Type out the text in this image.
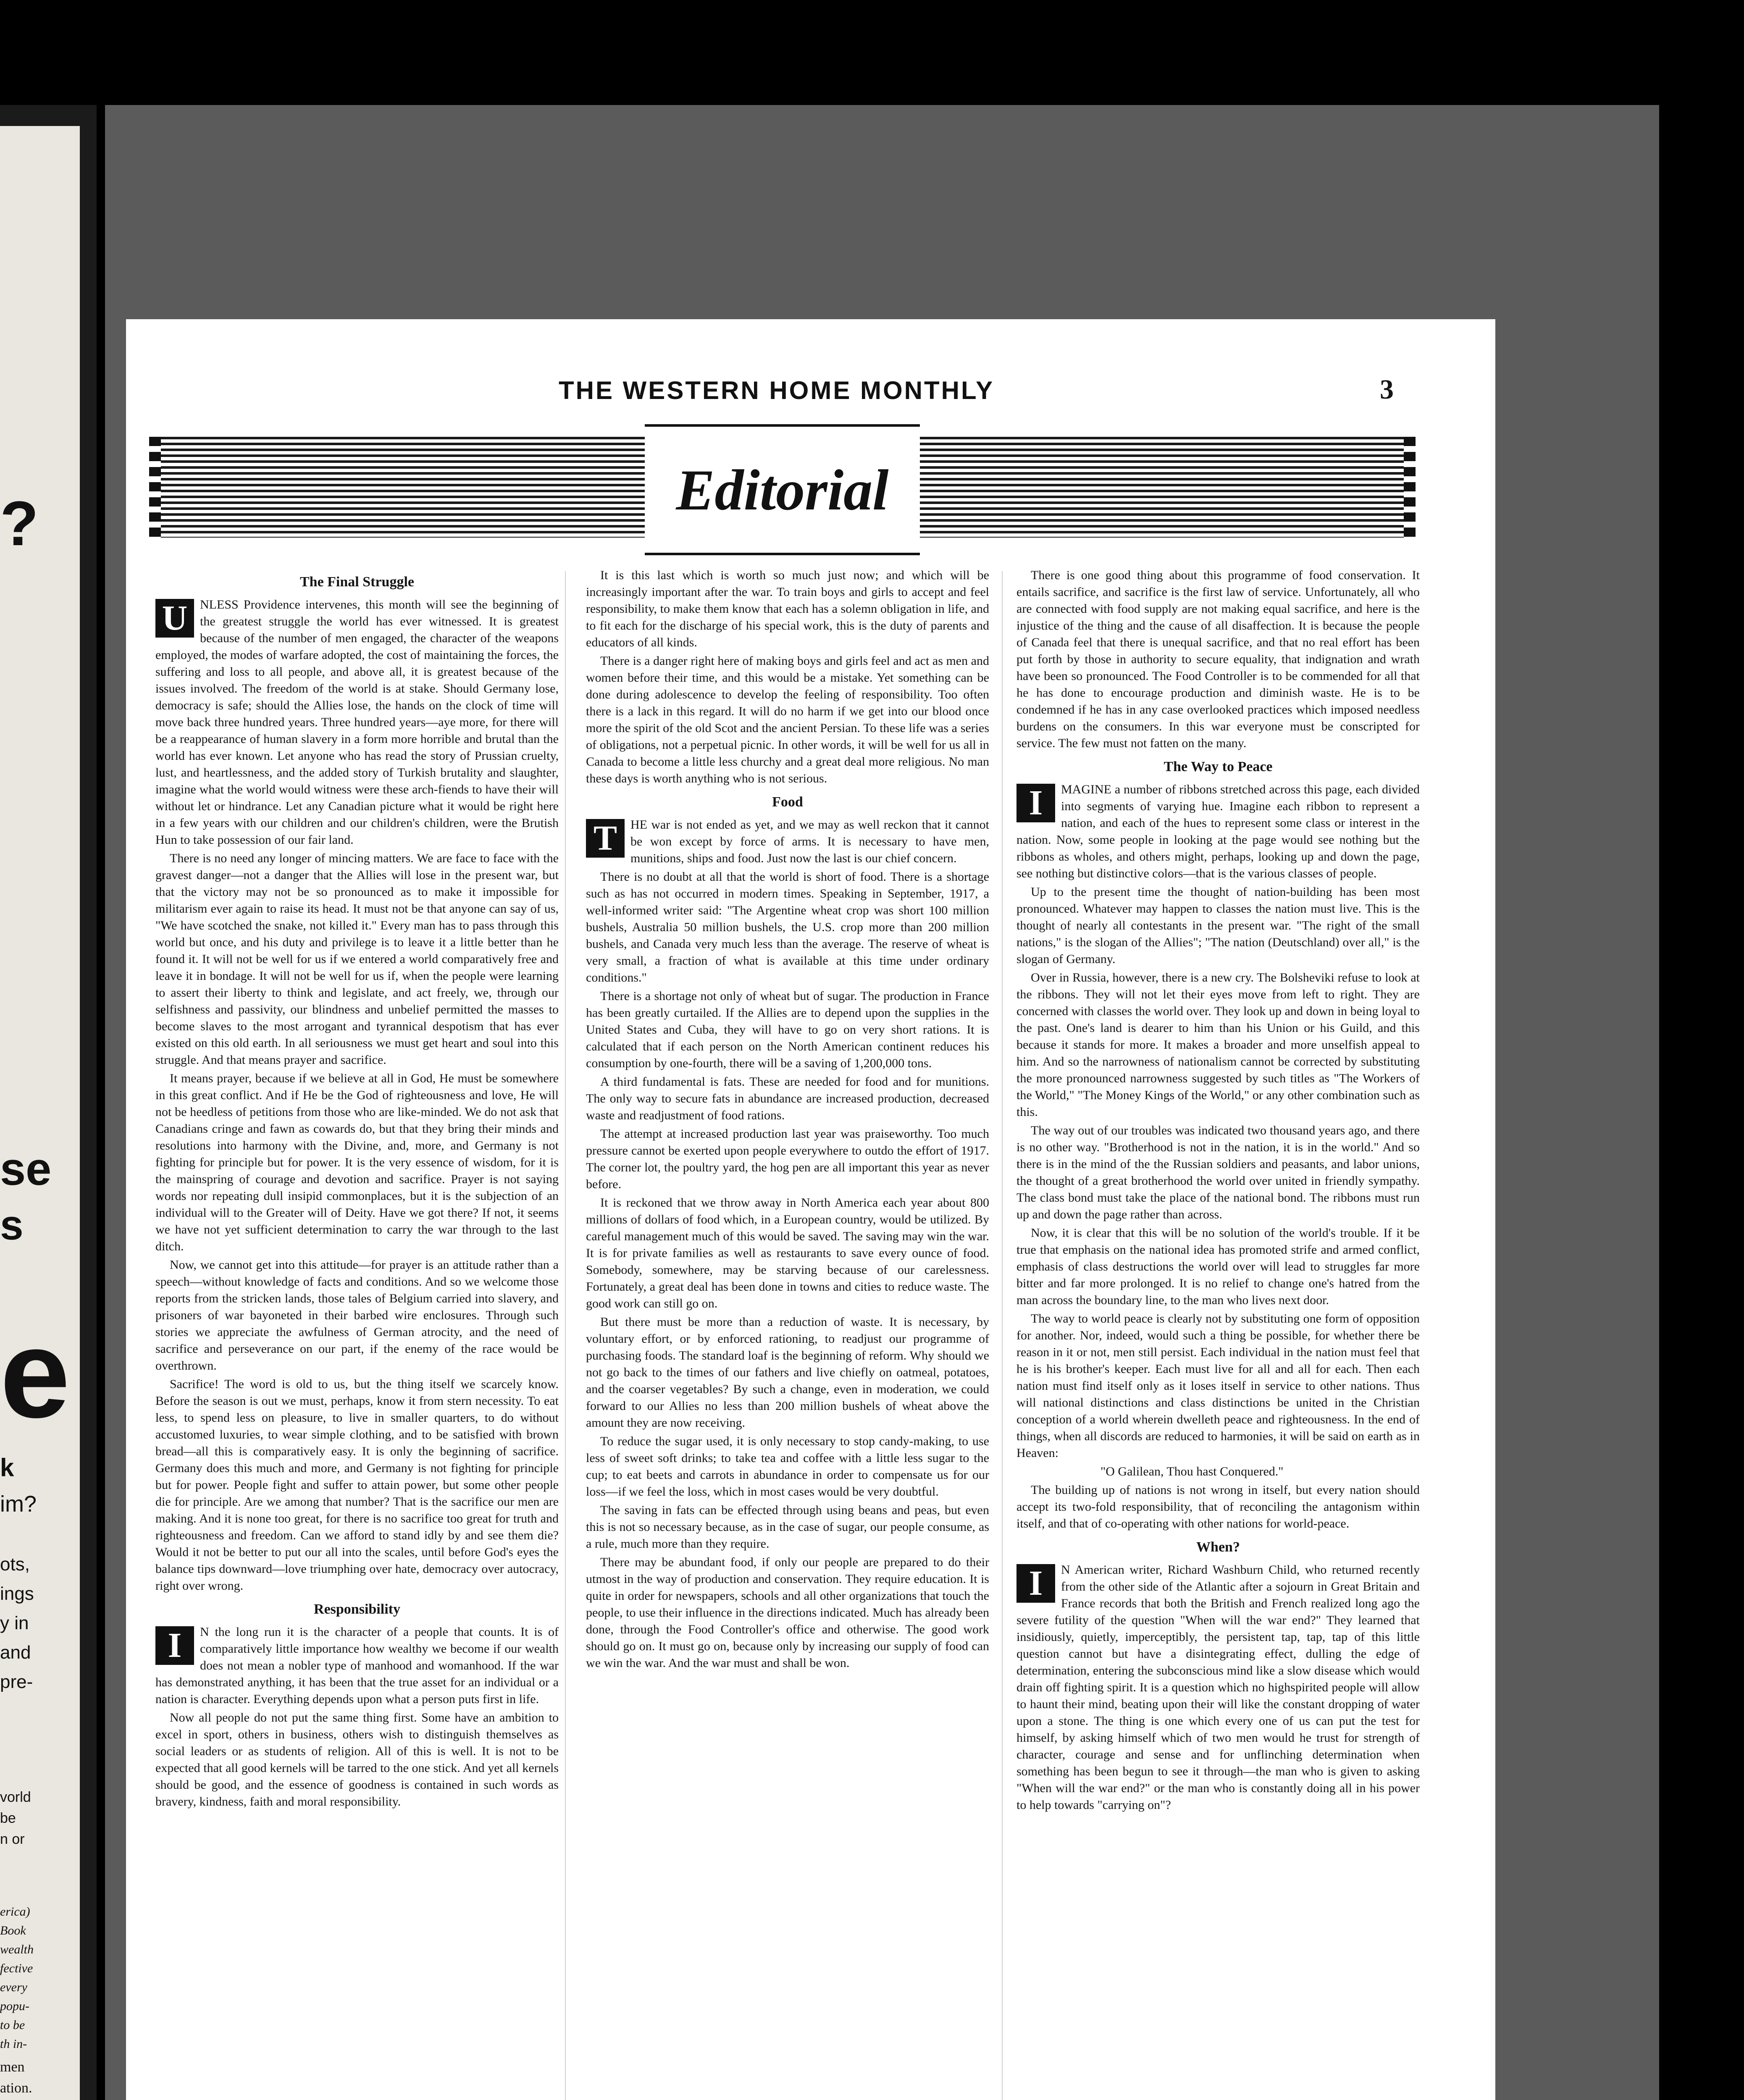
?
se
s
e
k
im?
ots,
ings
y in
and
pre-
vorld
be
n or
erica)
Book
wealth
fective
every
popu-
to be
th in-
men
ation.
THE WESTERN HOME MONTHLY	3
Editorial
The Final Struggle

U NLESS Providence intervenes, this month will see the beginning of the greatest struggle the world has ever witnessed. It is greatest because of the number of men engaged, the character of the weapons employed, the modes of warfare adopted, the cost of maintaining the forces, the suffering and loss to all people, and above all, it is greatest because of the issues involved. The freedom of the world is at stake. Should Germany lose, democracy is safe; should the Allies lose, the hands on the clock of time will move back three hundred years. Three hundred years—aye more, for there will be a reappearance of human slavery in a form more horrible and brutal than the world has ever known. Let anyone who has read the story of Prussian cruelty, lust, and heartlessness, and the added story of Turkish brutality and slaughter, imagine what the world would witness were these arch-fiends to have their will without let or hindrance. Let any Canadian picture what it would be right here in a few years with our children and our children's children, were the Brutish Hun to take possession of our fair land.

There is no need any longer of mincing matters. We are face to face with the gravest danger—not a danger that the Allies will lose in the present war, but that the victory may not be so pronounced as to make it impossible for militarism ever again to raise its head. It must not be that anyone can say of us, "We have scotched the snake, not killed it." Every man has to pass through this world but once, and his duty and privilege is to leave it a little better than he found it. It will not be well for us if we entered a world comparatively free and leave it in bondage. It will not be well for us if, when the people were learning to assert their liberty to think and legislate, and act freely, we, through our selfishness and passivity, our blindness and unbelief permitted the masses to become slaves to the most arrogant and tyrannical despotism that has ever existed on this old earth. In all seriousness we must get heart and soul into this struggle. And that means prayer and sacrifice.

It means prayer, because if we believe at all in God, He must be somewhere in this great conflict. And if He be the God of righteousness and love, He will not be heedless of petitions from those who are like-minded. We do not ask that Canadians cringe and fawn as cowards do, but that they bring their minds and resolutions into harmony with the Divine, and, more, and Germany is not fighting for principle but for power. It is the very essence of wisdom, for it is the mainspring of courage and devotion and sacrifice. Prayer is not saying words nor repeating dull insipid commonplaces, but it is the subjection of an individual will to the Greater will of Deity. Have we got there? If not, it seems we have not yet sufficient determination to carry the war through to the last ditch.

Now, we cannot get into this attitude—for prayer is an attitude rather than a speech—without knowledge of facts and conditions. And so we welcome those reports from the stricken lands, those tales of Belgium carried into slavery, and prisoners of war bayoneted in their barbed wire enclosures. Through such stories we appreciate the awfulness of German atrocity, and the need of sacrifice and perseverance on our part, if the enemy of the race would be overthrown.

Sacrifice! The word is old to us, but the thing itself we scarcely know. Before the season is out we must, perhaps, know it from stern necessity. To eat less, to spend less on pleasure, to live in smaller quarters, to do without accustomed luxuries, to wear simple clothing, and to be satisfied with brown bread—all this is comparatively easy. It is only the beginning of sacrifice. Germany does this much and more, and Germany is not fighting for principle but for power. People fight and suffer to attain power, but some other people die for principle. Are we among that number? That is the sacrifice our men are making. And it is none too great, for there is no sacrifice too great for truth and righteousness and freedom. Can we afford to stand idly by and see them die? Would it not be better to put our all into the scales, until before God's eyes the balance tips downward—love triumphing over hate, democracy over autocracy, right over wrong.

Responsibility

I	N the long run it is the character of a people that counts. It is of comparatively little importance how wealthy we become if our wealth does not mean a nobler type of manhood and womanhood. If the war has demonstrated anything, it has been that the true asset for an individual or a nation is character. Everything depends upon what a person puts first in life.

Now all people do not put the same thing first. Some have an ambition to excel in sport, others in business, others wish to distinguish themselves as social leaders or as students of religion. All of this is well. It is not to be expected that all good kernels will be tarred to the one stick. And yet all kernels should be good, and the essence of goodness is contained in such words as bravery, kindness, faith and moral responsibility.

It is this last which is worth so much just now; and which will be increasingly important after the war. To train boys and girls to accept and feel responsibility, to make them know that each has a solemn obligation in life, and to fit each for the discharge of his special work, this is the duty of parents and educators of all kinds.

There is a danger right here of making boys and girls feel and act as men and women before their time, and this would be a mistake. Yet something can be done during adolescence to develop the feeling of responsibility. Too often there is a lack in this regard. It will do no harm if we get into our blood once more the spirit of the old Scot and the ancient Persian. To these life was a series of obligations, not a perpetual picnic. In other words, it will be well for us all in Canada to become a little less churchy and a great deal more religious. No man these days is worth anything who is not serious.

Food

T	HE war is not ended as yet, and we may as well reckon that it cannot be won except by force of arms. It is necessary to have men, munitions, ships and food. Just now the last is our chief concern.

There is no doubt at all that the world is short of food. There is a shortage such as has not occurred in modern times. Speaking in September, 1917, a well-informed writer said: "The Argentine wheat crop was short 100 million bushels, Australia 50 million bushels, the U.S. crop more than 200 million bushels, and Canada very much less than the average. The reserve of wheat is very small, a fraction of what is available at this time under ordinary conditions."

There is a shortage not only of wheat but of sugar. The production in France has been greatly curtailed. If the Allies are to depend upon the supplies in the United States and Cuba, they will have to go on very short rations. It is calculated that if each person on the North American continent reduces his consumption by one-fourth, there will be a saving of 1,200,000 tons.

A third fundamental is fats. These are needed for food and for munitions. The only way to secure fats in abundance are increased production, decreased waste and readjustment of food rations.

The attempt at increased production last year was praiseworthy. Too much pressure cannot be exerted upon people everywhere to outdo the effort of 1917. The corner lot, the poultry yard, the hog pen are all important this year as never before.

It is reckoned that we throw away in North America each year about 800 millions of dollars of food which, in a European country, would be utilized. By careful management much of this would be saved. The saving may win the war. It is for private families as well as restaurants to save every ounce of food. Somebody, somewhere, may be starving because of our carelessness. Fortunately, a great deal has been done in towns and cities to reduce waste. The good work can still go on.

But there must be more than a reduction of waste. It is necessary, by voluntary effort, or by enforced rationing, to readjust our programme of purchasing foods. The standard loaf is the beginning of reform. Why should we not go back to the times of our fathers and live chiefly on oatmeal, potatoes, and the coarser vegetables? By such a change, even in moderation, we could forward to our Allies no less than 200 million bushels of wheat above the amount they are now receiving.

To reduce the sugar used, it is only necessary to stop candy-making, to use less of sweet soft drinks; to take tea and coffee with a little less sugar to the cup; to eat beets and carrots in abundance in order to compensate us for our loss—if we feel the loss, which in most cases would be very doubtful.

The saving in fats can be effected through using beans and peas, but even this is not so necessary because, as in the case of sugar, our people consume, as a rule, much more than they require.

There may be abundant food, if only our people are prepared to do their utmost in the way of production and conservation. They require education. It is quite in order for newspapers, schools and all other organizations that touch the people, to use their influence in the directions indicated. Much has already been done, through the Food Controller's office and otherwise. The good work should go on. It must go on, because only by increasing our supply of food can we win the war. And the war must and shall be won.

There is one good thing about this programme of food conservation. It entails sacrifice, and sacrifice is the first law of service. Unfortunately, all who are connected with food supply are not making equal sacrifice, and here is the injustice of the thing and the cause of all disaffection. It is because the people of Canada feel that there is unequal sacrifice, and that no real effort has been put forth by those in authority to secure equality, that indignation and wrath have been so pronounced. The Food Controller is to be commended for all that he has done to encourage production and diminish waste. He is to be condemned if he has in any case overlooked practices which imposed needless burdens on the consumers. In this war everyone must be conscripted for service. The few must not fatten on the many.

The Way to Peace

I	MAGINE a number of ribbons stretched across this page, each divided into segments of varying hue. Imagine each ribbon to represent a nation, and each of the hues to represent some class or interest in the nation. Now, some people in looking at the page would see nothing but the ribbons as wholes, and others might, perhaps, looking up and down the page, see nothing but distinctive colors—that is the various classes of people.

Up to the present time the thought of nation-building has been most pronounced. Whatever may happen to classes the nation must live. This is the thought of nearly all contestants in the present war. "The right of the small nations," is the slogan of the Allies"; "The nation (Deutschland) over all," is the slogan of Germany.

Over in Russia, however, there is a new cry. The Bolsheviki refuse to look at the ribbons. They will not let their eyes move from left to right. They are concerned with classes the world over. They look up and down in being loyal to the past. One's land is dearer to him than his Union or his Guild, and this because it stands for more. It makes a broader and more unselfish appeal to him. And so the narrowness of nationalism cannot be corrected by substituting the more pronounced narrowness suggested by such titles as "The Workers of the World," "The Money Kings of the World," or any other combination such as this.

The way out of our troubles was indicated two thousand years ago, and there is no other way. "Brotherhood is not in the nation, it is in the world." And so there is in the mind of the the Russian soldiers and peasants, and labor unions, the thought of a great brotherhood the world over united in friendly sympathy. The class bond must take the place of the national bond. The ribbons must run up and down the page rather than across.

Now, it is clear that this will be no solution of the world's trouble. If it be true that emphasis on the national idea has promoted strife and armed conflict, emphasis of class destructions the world over will lead to struggles far more bitter and far more prolonged. It is no relief to change one's hatred from the man across the boundary line, to the man who lives next door.

The way to world peace is clearly not by substituting one form of opposition for another. Nor, indeed, would such a thing be possible, for whether there be reason in it or not, men still persist. Each individual in the nation must feel that he is his brother's keeper. Each must live for all and all for each. Then each nation must find itself only as it loses itself in service to other nations. Thus will national distinctions and class distinctions be united in the Christian conception of a world wherein dwelleth peace and righteousness. In the end of things, when all discords are reduced to harmonies, it will be said on earth as in Heaven:

"O Galilean, Thou hast Conquered."

The building up of nations is not wrong in itself, but every nation should accept its two-fold responsibility, that of reconciling the antagonism within itself, and that of co-operating with other nations for world-peace.

When?

I	N American writer, Richard Washburn Child, who returned recently from the other side of the Atlantic after a sojourn in Great Britain and France records that both the British and French realized long ago the severe futility of the question "When will the war end?" They learned that insidiously, quietly, imperceptibly, the persistent tap, tap, tap of this little question cannot but have a disintegrating effect, dulling the edge of determination, entering the subconscious mind like a slow disease which would drain off fighting spirit. It is a question which no highspirited people will allow to haunt their mind, beating upon their will like the constant dropping of water upon a stone. The thing is one which every one of us can put the test for himself, by asking himself which of two men would he trust for strength of character, courage and sense and for unflinching determination when something has been begun to see it through—the man who is given to asking "When will the war end?" or the man who is constantly doing all in his power to help towards "carrying on"?
